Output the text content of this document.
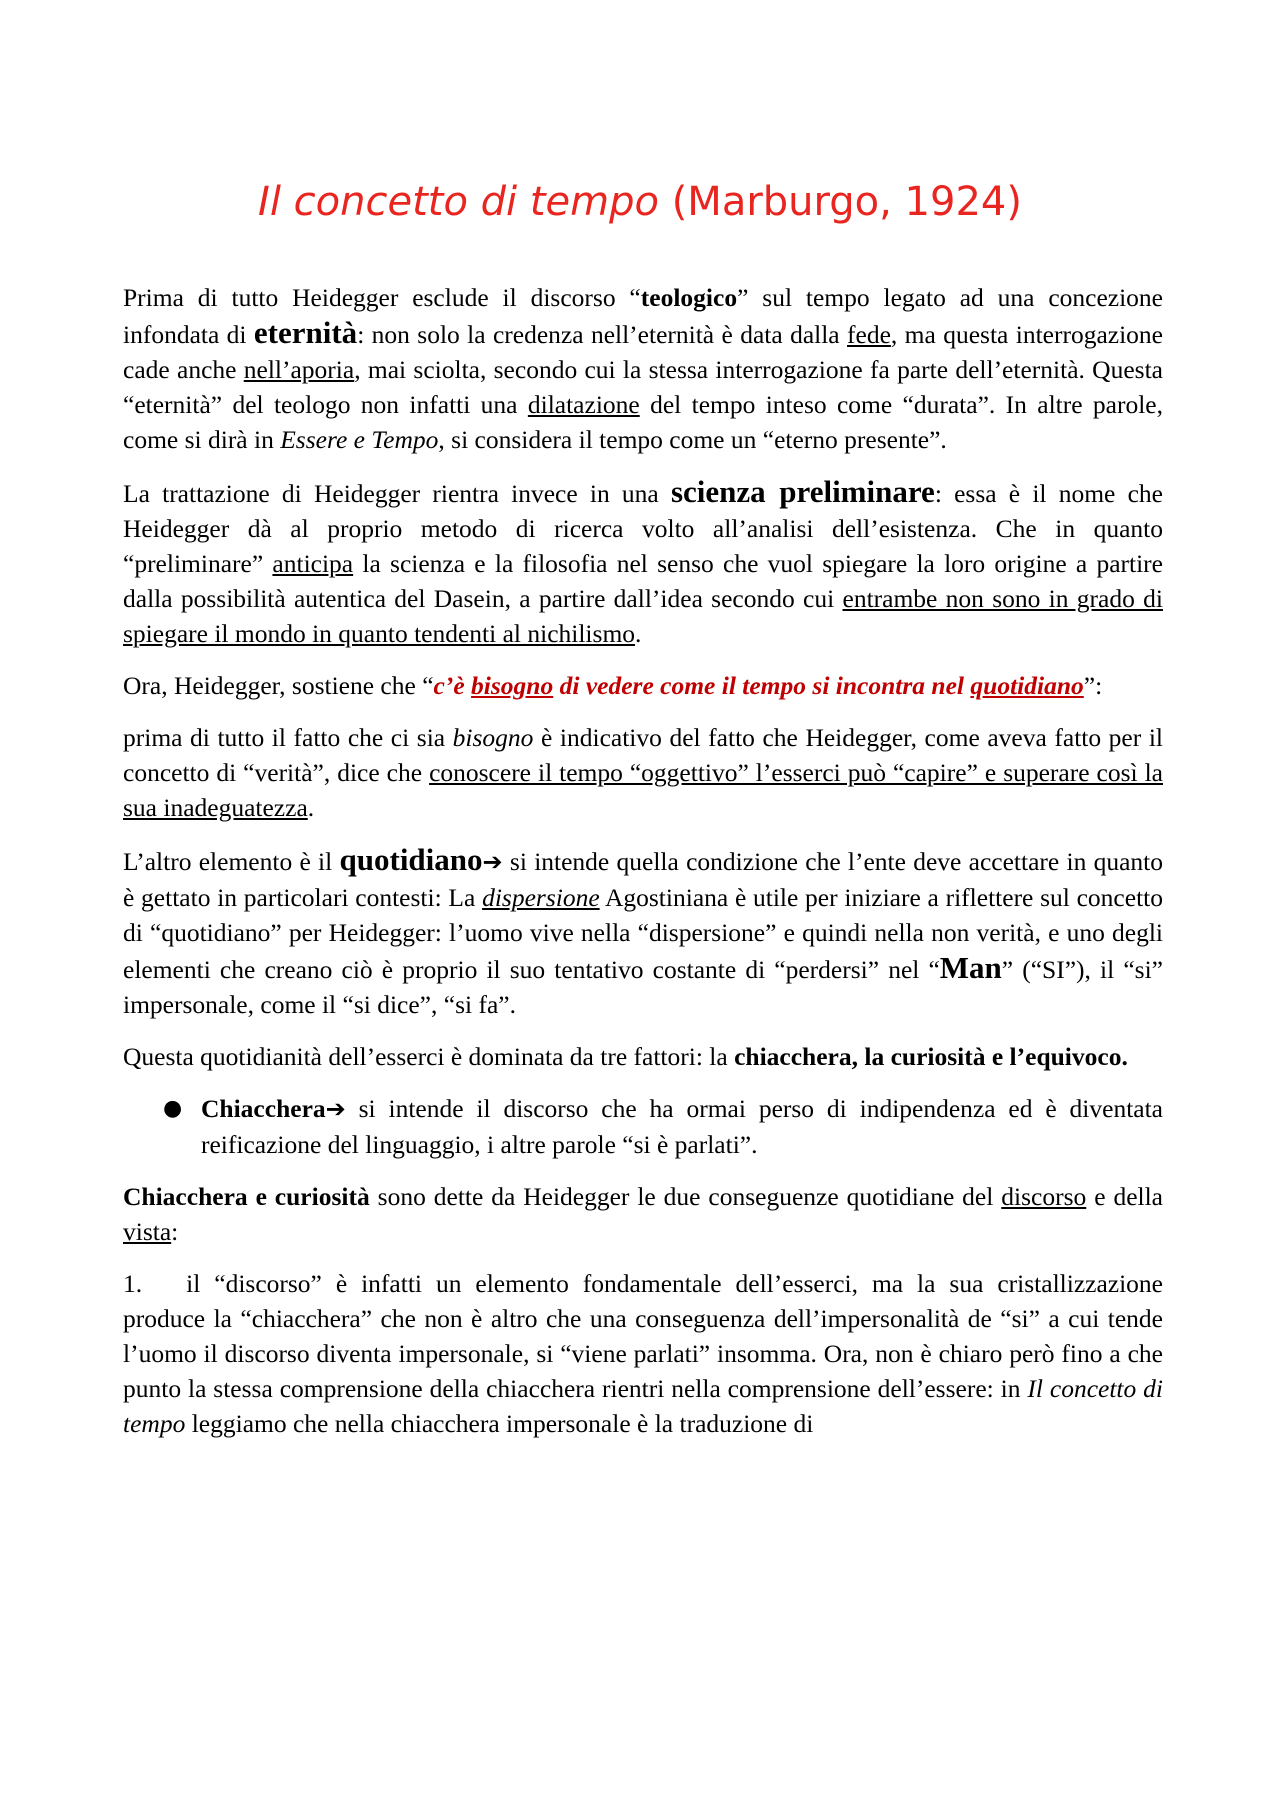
Il concetto di tempo (Marburgo, 1924)

Prima di tutto Heidegger esclude il discorso “teologico” sul tempo legato ad una concezione infondata di eternità: non solo la credenza nell’eternità è data dalla fede, ma questa interrogazione cade anche nell’aporia, mai sciolta, secondo cui la stessa interrogazione fa parte dell’eternità. Questa “eternità” del teologo non infatti una dilatazione del tempo inteso come “durata”. In altre parole, come si dirà in Essere e Tempo, si considera il tempo come un “eterno presente”.

La trattazione di Heidegger rientra invece in una scienza preliminare: essa è il nome che Heidegger dà al proprio metodo di ricerca volto all’analisi dell’esistenza. Che in quanto “preliminare” anticipa la scienza e la filosofia nel senso che vuol spiegare la loro origine a partire dalla possibilità autentica del Dasein, a partire dall’idea secondo cui entrambe non sono in grado di spiegare il mondo in quanto tendenti al nichilismo.

Ora, Heidegger, sostiene che “c’è bisogno di vedere come il tempo si incontra nel quotidiano”:

prima di tutto il fatto che ci sia bisogno è indicativo del fatto che Heidegger, come aveva fatto per il concetto di “verità”, dice che conoscere il tempo “oggettivo” l’esserci può “capire” e superare così la sua inadeguatezza.

L’altro elemento è il quotidiano➔ si intende quella condizione che l’ente deve accettare in quanto è gettato in particolari contesti: La dispersione Agostiniana è utile per iniziare a riflettere sul concetto di “quotidiano” per Heidegger: l’uomo vive nella “dispersione” e quindi nella non verità, e uno degli elementi che creano ciò è proprio il suo tentativo costante di “perdersi” nel “Man” (“SI”), il “si” impersonale, come il “si dice”, “si fa”.

Questa quotidianità dell’esserci è dominata da tre fattori: la chiacchera, la curiosità e l’equivoco.

● Chiacchera➔ si intende il discorso che ha ormai perso di indipendenza ed è diventata reificazione del linguaggio, i altre parole “si è parlati”.

Chiacchera e curiosità sono dette da Heidegger le due conseguenze quotidiane del discorso e della vista:

1. il “discorso” è infatti un elemento fondamentale dell’esserci, ma la sua cristallizzazione produce la “chiacchera” che non è altro che una conseguenza dell’impersonalità de “si” a cui tende l’uomo il discorso diventa impersonale, si “viene parlati” insomma. Ora, non è chiaro però fino a che punto la stessa comprensione della chiacchera rientri nella comprensione dell’essere: in Il concetto di tempo leggiamo che nella chiacchera impersonale è la traduzione di
